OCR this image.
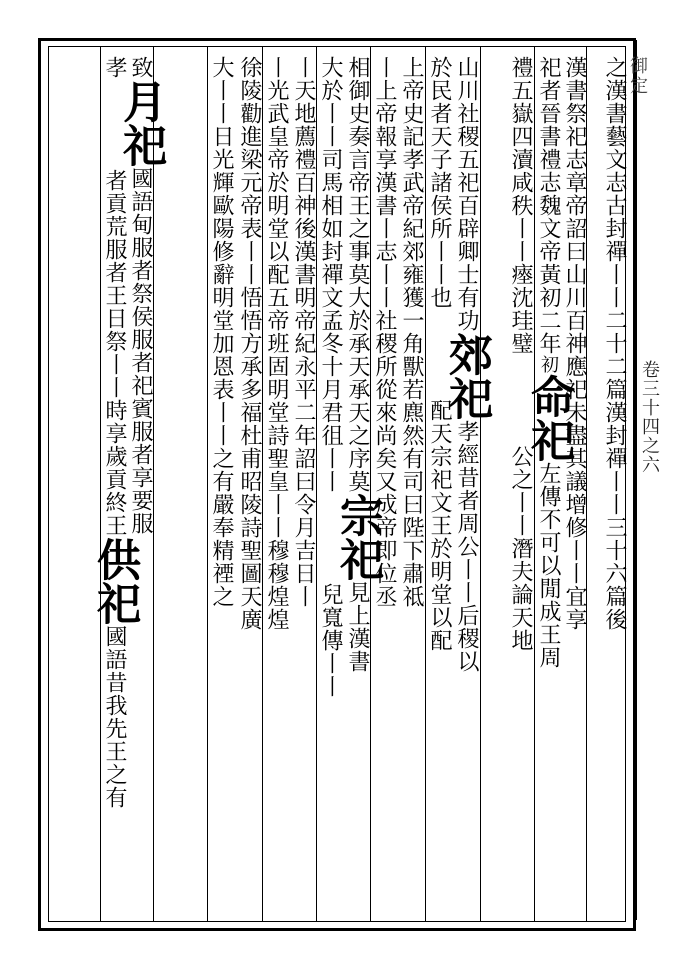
御定
卷三十四之六
之漢書藝文志古封禪丨丨二十二篇漢封禪丨丨三十六篇後
漢書祭祀志章帝詔曰山川百神應祀未盡其議增修丨丨宜享
祀者晉書禮志魏文帝黃初二年初命祀左傳不可以閒成王周
禮五嶽四瀆咸秩丨丨瘞沈珪璧公之丨丨潛夫論天地
山川社稷五祀百辟卿士有功郊祀孝經昔者周公丨丨后稷以
於民者天子諸侯所丨丨也配天宗祀文王於明堂以配
上帝史記孝武帝紀郊雍獲一角獸若麃然有司曰陛下肅祗
丨上帝報享漢書丨志丨丨社稷所從來尚矣又成帝即位丞
相御史奏言帝王之事莫大於承天承天之序莫宗祀見上漢書
大於丨丨司馬相如封禪文孟冬十月君徂丨丨兒寬傳丨丨
丨天地薦禮百神後漢書明帝紀永平二年詔曰令月吉日丨
丨光武皇帝於明堂以配五帝班固明堂詩聖皇丨丨穆穆煌煌
徐陵勸進梁元帝表丨丨悟悟方承多福杜甫昭陵詩聖圖天廣
大丨丨日光輝歐陽修辭明堂加恩表丨丨之有嚴奉精禋之
致月祀國語甸服者祭侯服者祀賓服者享要服
孝者貢荒服者王日祭丨丨時享歲貢終王供祀國語昔我先王之有
